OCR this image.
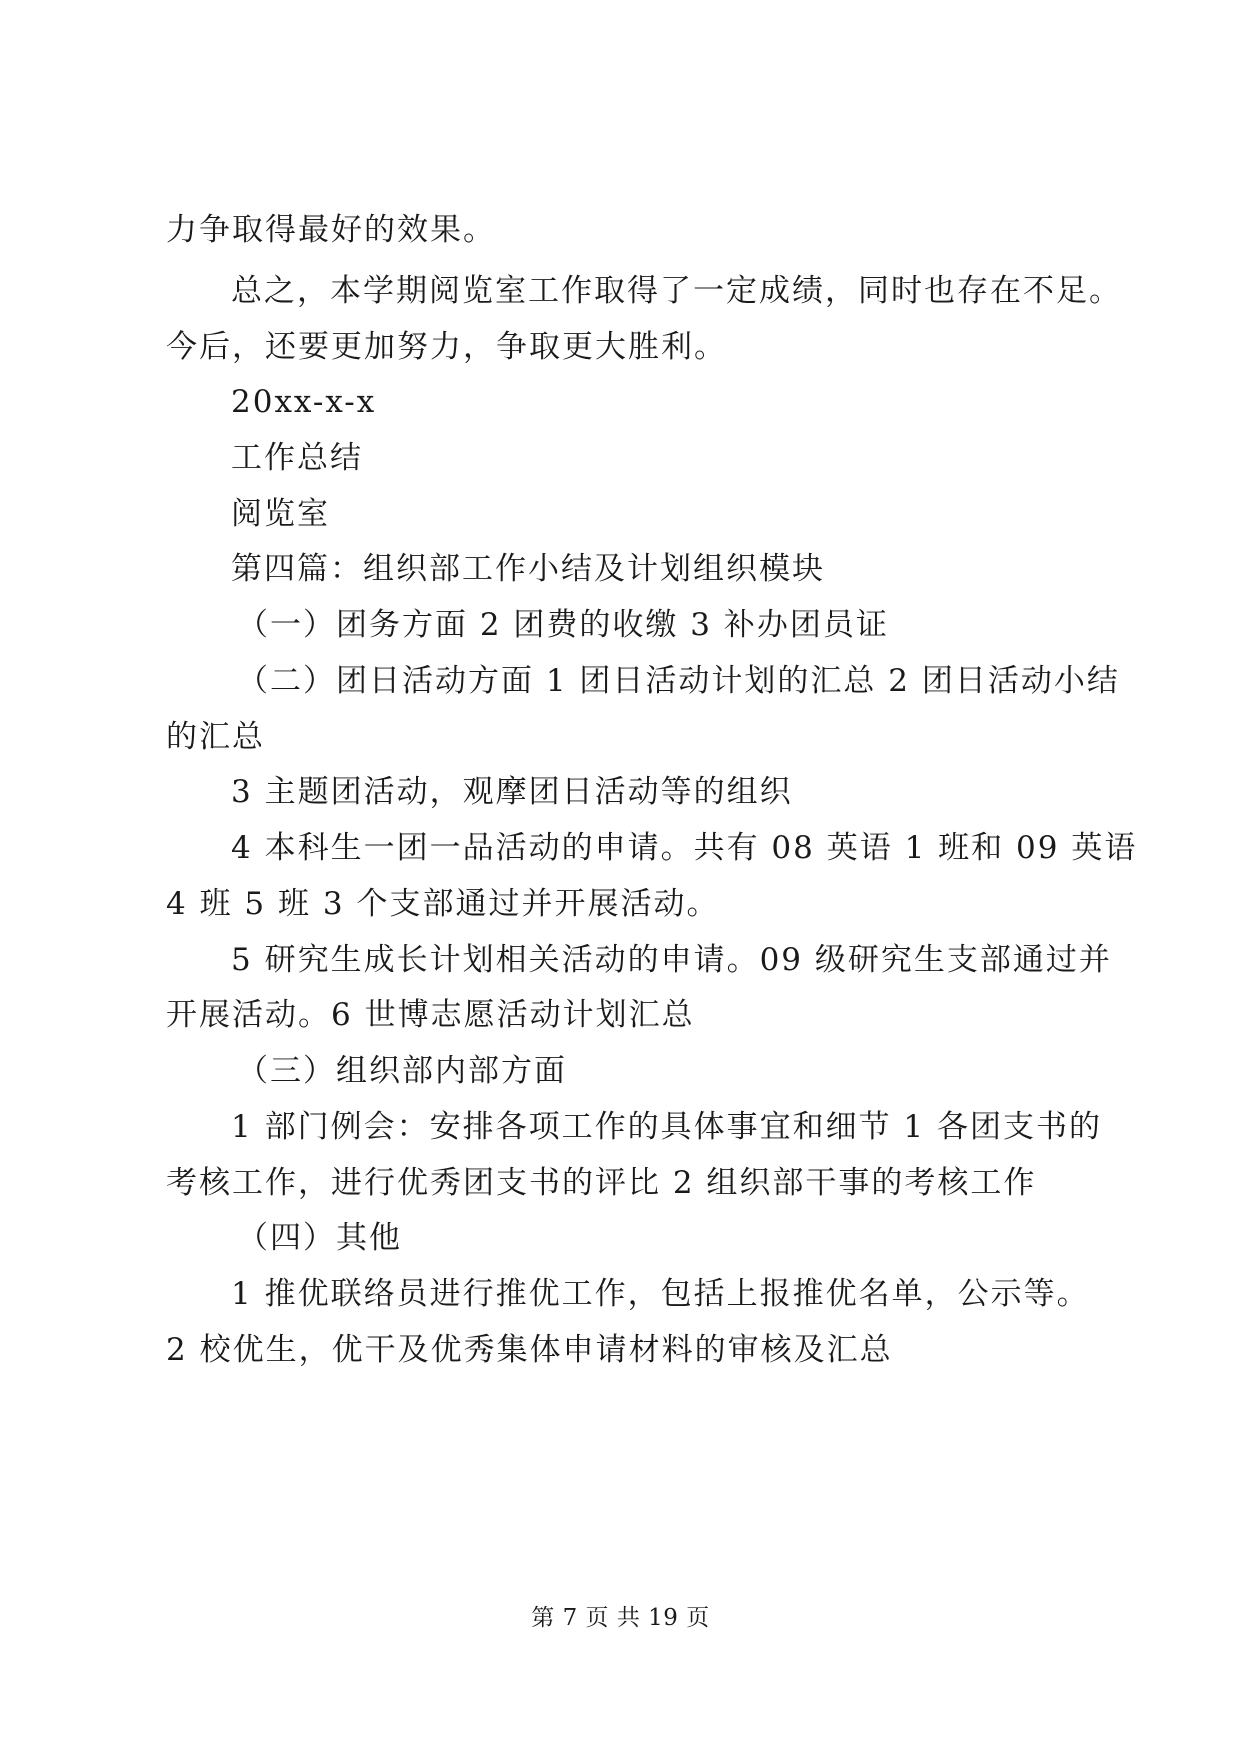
力争取得最好的效果。
总之，本学期阅览室工作取得了一定成绩，同时也存在不足。
今后，还要更加努力，争取更大胜利。
20xx-x-x
工作总结
阅览室
第四篇：组织部工作小结及计划组织模块
（一）团务方面 2 团费的收缴 3 补办团员证
（二）团日活动方面 1 团日活动计划的汇总 2 团日活动小结
的汇总
3 主题团活动，观摩团日活动等的组织
4 本科生一团一品活动的申请。共有 08 英语 1 班和 09 英语
4 班 5 班 3 个支部通过并开展活动。
5 研究生成长计划相关活动的申请。09 级研究生支部通过并
开展活动。6 世博志愿活动计划汇总
（三）组织部内部方面
1 部门例会：安排各项工作的具体事宜和细节 1 各团支书的
考核工作，进行优秀团支书的评比 2 组织部干事的考核工作
（四）其他
1 推优联络员进行推优工作，包括上报推优名单，公示等。
2 校优生，优干及优秀集体申请材料的审核及汇总
第 7 页 共 19 页
